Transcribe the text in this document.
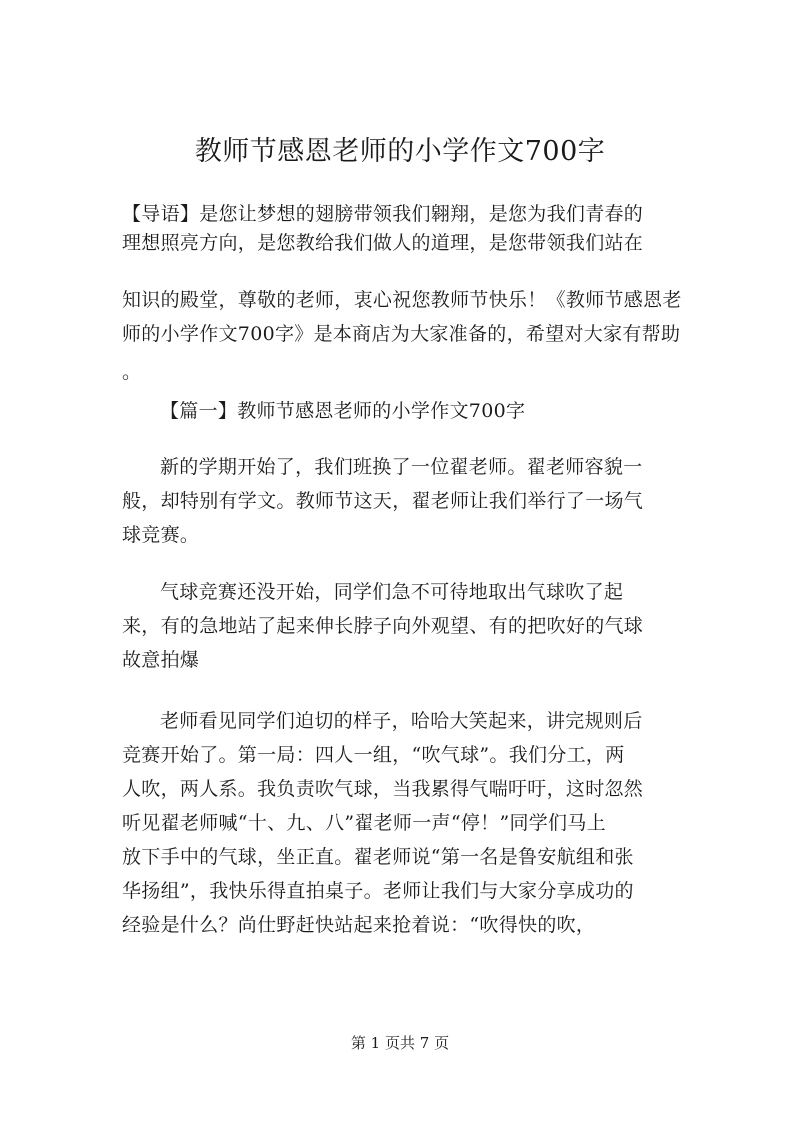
教师节感恩老师的小学作文700字
【导语】是您让梦想的翅膀带领我们翱翔，是您为我们青春的
理想照亮方向，是您教给我们做人的道理，是您带领我们站在
知识的殿堂，尊敬的老师，衷心祝您教师节快乐！《教师节感恩老
师的小学作文700字》是本商店为大家准备的，希望对大家有帮助
。
【篇一】教师节感恩老师的小学作文700字
新的学期开始了，我们班换了一位翟老师。翟老师容貌一
般，却特别有学文。教师节这天，翟老师让我们举行了一场气
球竞赛。
气球竞赛还没开始，同学们急不可待地取出气球吹了起
来，有的急地站了起来伸长脖子向外观望、有的把吹好的气球
故意拍爆
老师看见同学们迫切的样子，哈哈大笑起来，讲完规则后
竞赛开始了。第一局：四人一组，“吹气球”。我们分工，两
人吹，两人系。我负责吹气球，当我累得气喘吁吁，这时忽然
听见翟老师喊“十、九、八”翟老师一声“停！”同学们马上
放下手中的气球，坐正直。翟老师说“第一名是鲁安航组和张
华扬组”，我快乐得直拍桌子。老师让我们与大家分享成功的
经验是什么？尚仕野赶快站起来抢着说：“吹得快的吹，
第 1 页共 7 页
